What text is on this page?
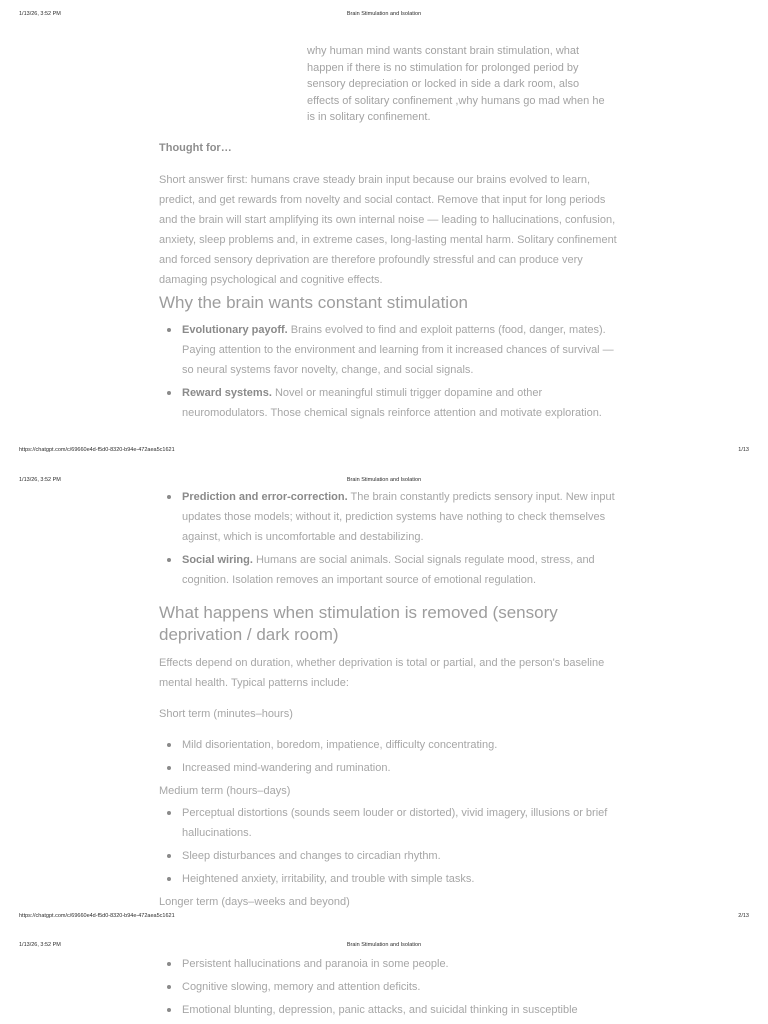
1/13/26, 3:52 PM	Brain Stimulation and Isolation
why human mind wants constant brain stimulation, what happen if there is no stimulation for prolonged period by sensory depreciation or locked in side a dark room, also effects of solitary confinement ,why humans go mad when he is in solitary confinement.
Thought for…

Short answer first: humans crave steady brain input because our brains evolved to learn, predict, and get rewards from novelty and social contact. Remove that input for long periods and the brain will start amplifying its own internal noise — leading to hallucinations, confusion, anxiety, sleep problems and, in extreme cases, long-lasting mental harm. Solitary confinement and forced sensory deprivation are therefore profoundly stressful and can produce very damaging psychological and cognitive effects.

Why the brain wants constant stimulation
Evolutionary payoff. Brains evolved to find and exploit patterns (food, danger, mates). Paying attention to the environment and learning from it increased chances of survival — so neural systems favor novelty, change, and social signals.
Reward systems. Novel or meaningful stimuli trigger dopamine and other neuromodulators. Those chemical signals reinforce attention and motivate exploration.
https://chatgpt.com/c/69660e4d-f5d0-8320-b94e-472aea5c1621	1/13
1/13/26, 3:52 PM	Brain Stimulation and Isolation
Prediction and error-correction. The brain constantly predicts sensory input. New input updates those models; without it, prediction systems have nothing to check themselves against, which is uncomfortable and destabilizing.
Social wiring. Humans are social animals. Social signals regulate mood, stress, and cognition. Isolation removes an important source of emotional regulation.
What happens when stimulation is removed (sensory deprivation / dark room)

Effects depend on duration, whether deprivation is total or partial, and the person's baseline mental health. Typical patterns include:

Short term (minutes–hours)
Mild disorientation, boredom, impatience, difficulty concentrating.
Increased mind-wandering and rumination.
Medium term (hours–days)
Perceptual distortions (sounds seem louder or distorted), vivid imagery, illusions or brief hallucinations.
Sleep disturbances and changes to circadian rhythm.
Heightened anxiety, irritability, and trouble with simple tasks.
Longer term (days–weeks and beyond)
https://chatgpt.com/c/69660e4d-f5d0-8320-b94e-472aea5c1621	2/13
1/13/26, 3:52 PM	Brain Stimulation and Isolation
Persistent hallucinations and paranoia in some people.
Cognitive slowing, memory and attention deficits.
Emotional blunting, depression, panic attacks, and suicidal thinking in susceptible
